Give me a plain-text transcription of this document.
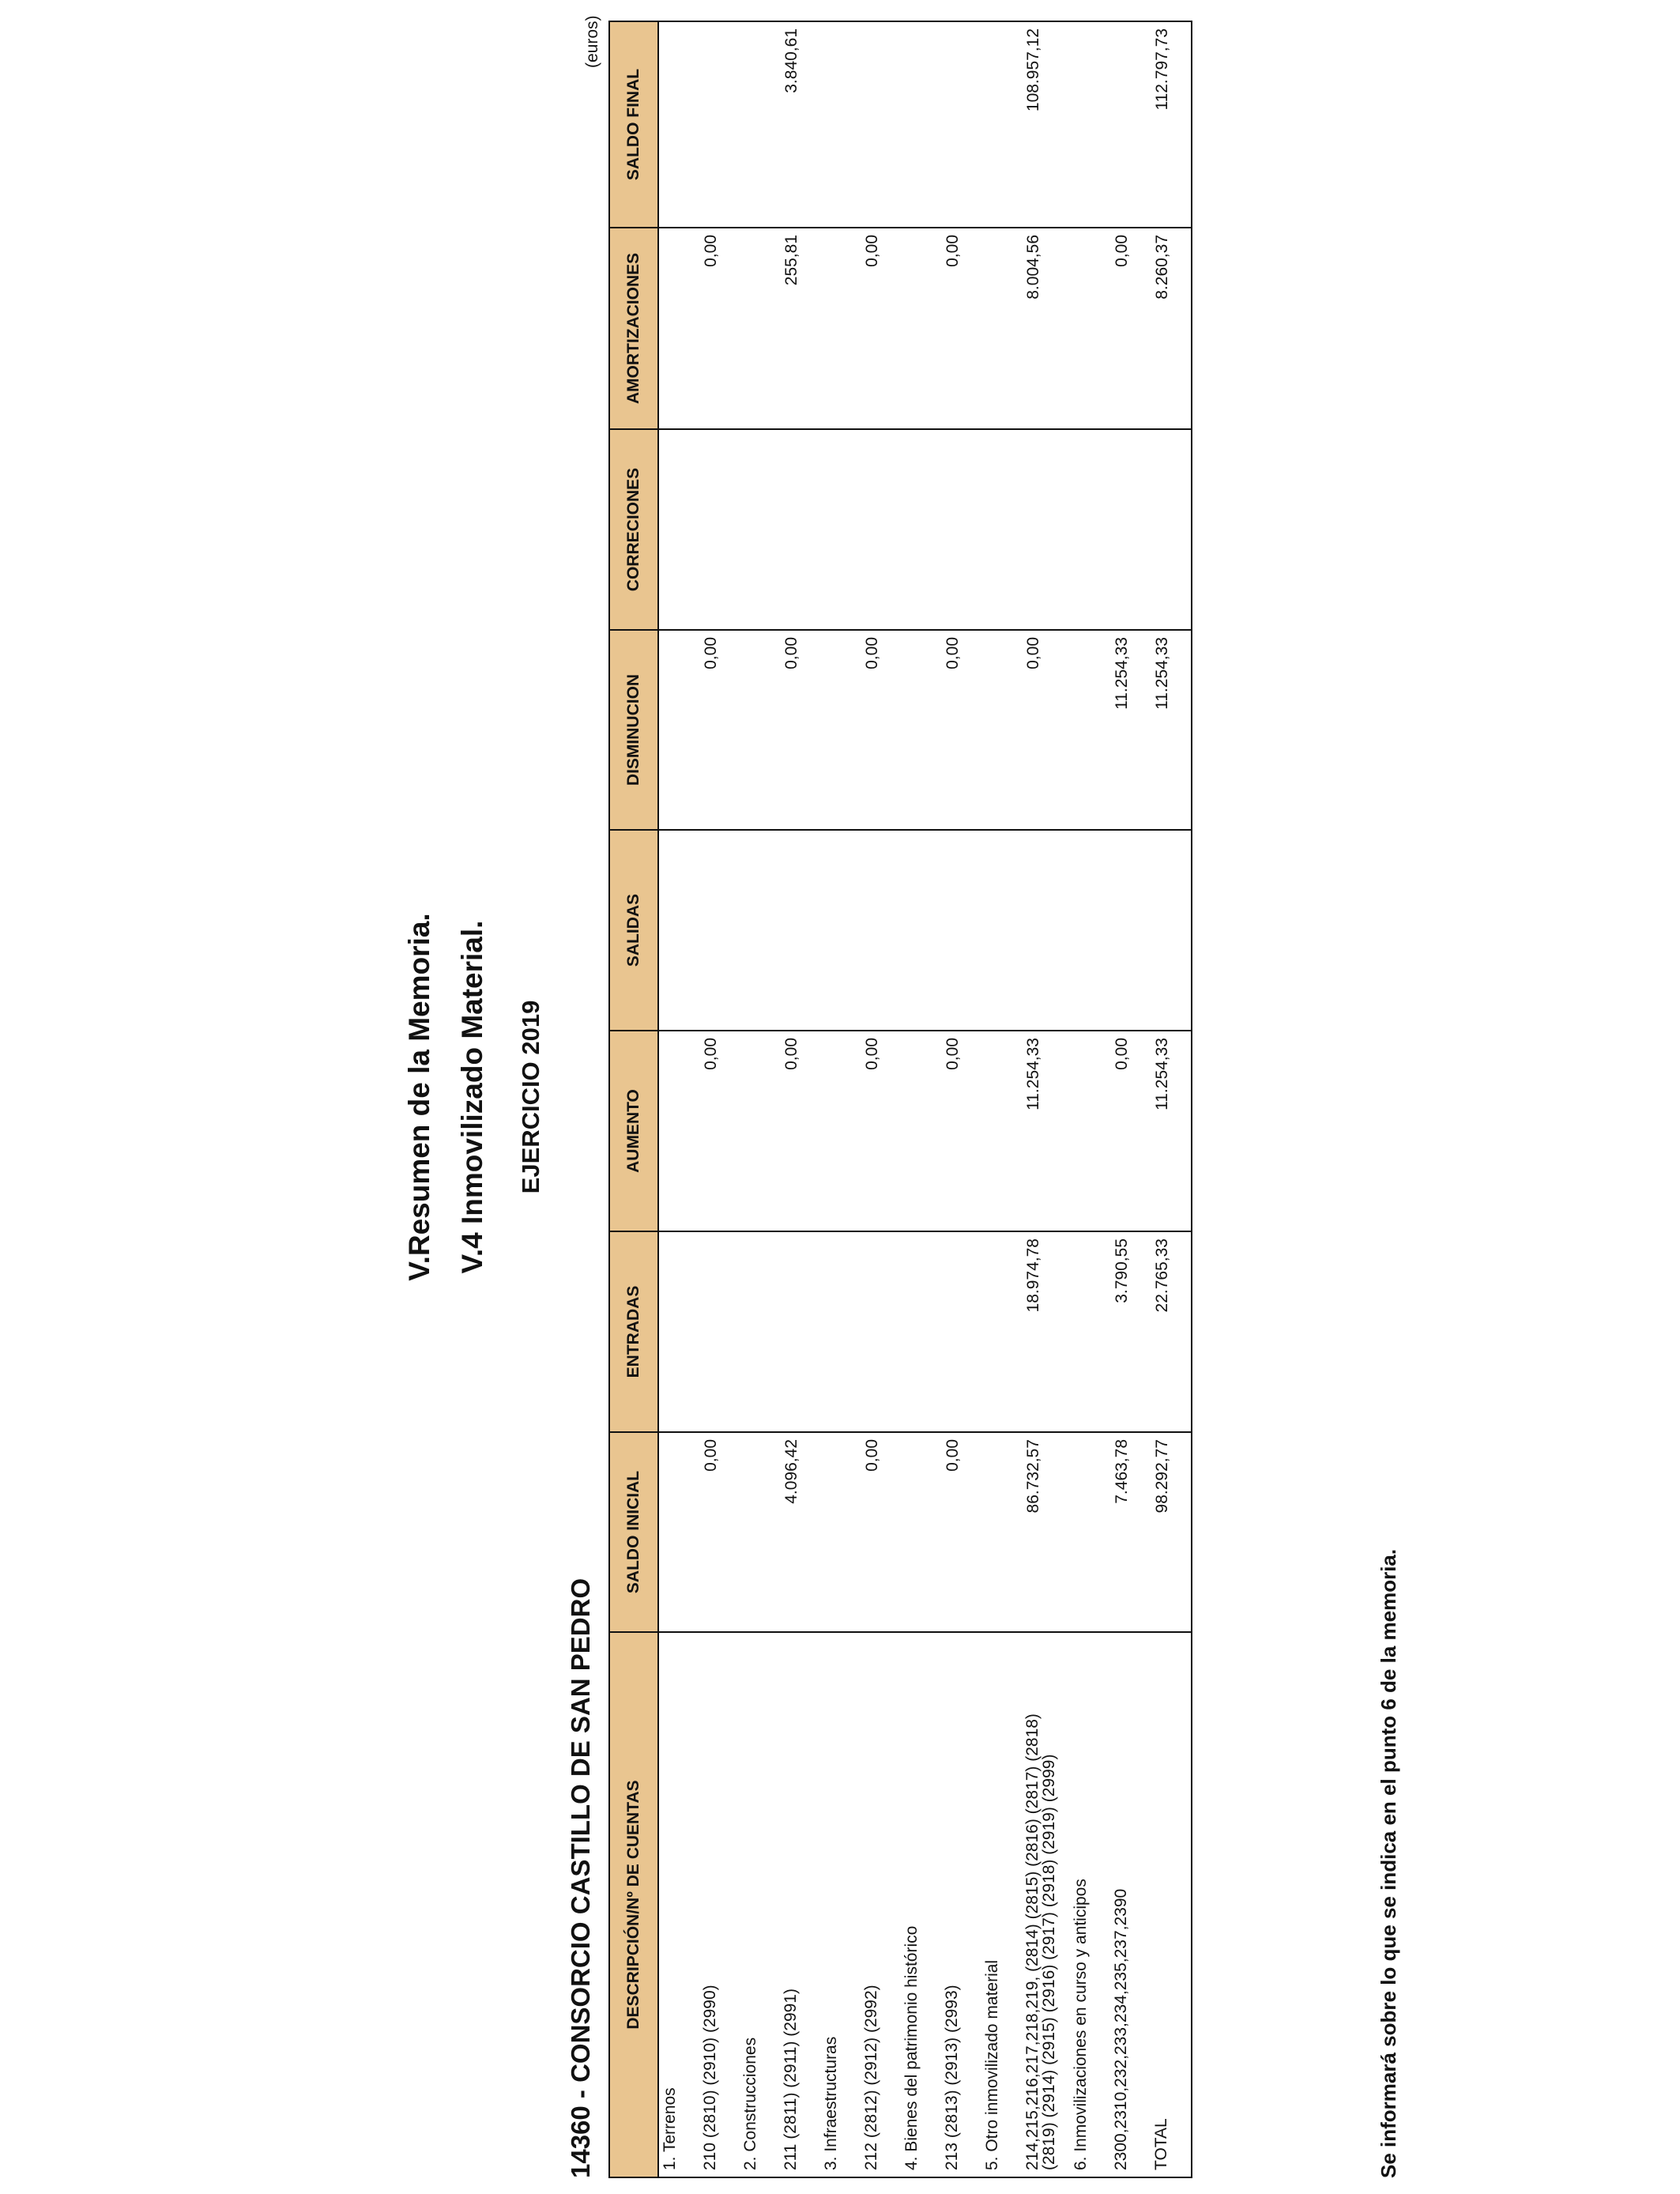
V.Resumen de la Memoria. V.4 Inmovilizado Material. EJERCICIO 2019
14360 - CONSORCIO CASTILLO DE SAN PEDRO
(euros)
DESCRIPCIÓN/Nº DE CUENTAS	SALDO INICIAL	ENTRADAS	AUMENTO	SALIDAS	DISMINUCION	CORRECIONES	AMORTIZACIONES	SALDO FINAL
1. Terrenos								
210 (2810) (2910) (2990)	0,00		0,00		0,00		0,00	
2. Construcciones								
211 (2811) (2911) (2991)	4.096,42		0,00		0,00		255,81	3.840,61
3. Infraestructuras								
212 (2812) (2912) (2992)	0,00		0,00		0,00		0,00	
4. Bienes del patrimonio histórico								
213 (2813) (2913) (2993)	0,00		0,00		0,00		0,00	
5. Otro inmovilizado material								
214,215,216,217,218,219, (2814) (2815) (2816) (2817) (2818)
(2819) (2914) (2915) (2916) (2917) (2918) (2919) (2999)	86.732,57	18.974,78	11.254,33		0,00		8.004,56	108.957,12
6. Inmovilizaciones en curso y anticipos								
2300,2310,232,233,234,235,237,2390	7.463,78	3.790,55	0,00		11.254,33		0,00	
TOTAL	98.292,77	22.765,33	11.254,33		11.254,33		8.260,37	112.797,73
Se informará sobre lo que se indica en el punto 6 de la memoria.
